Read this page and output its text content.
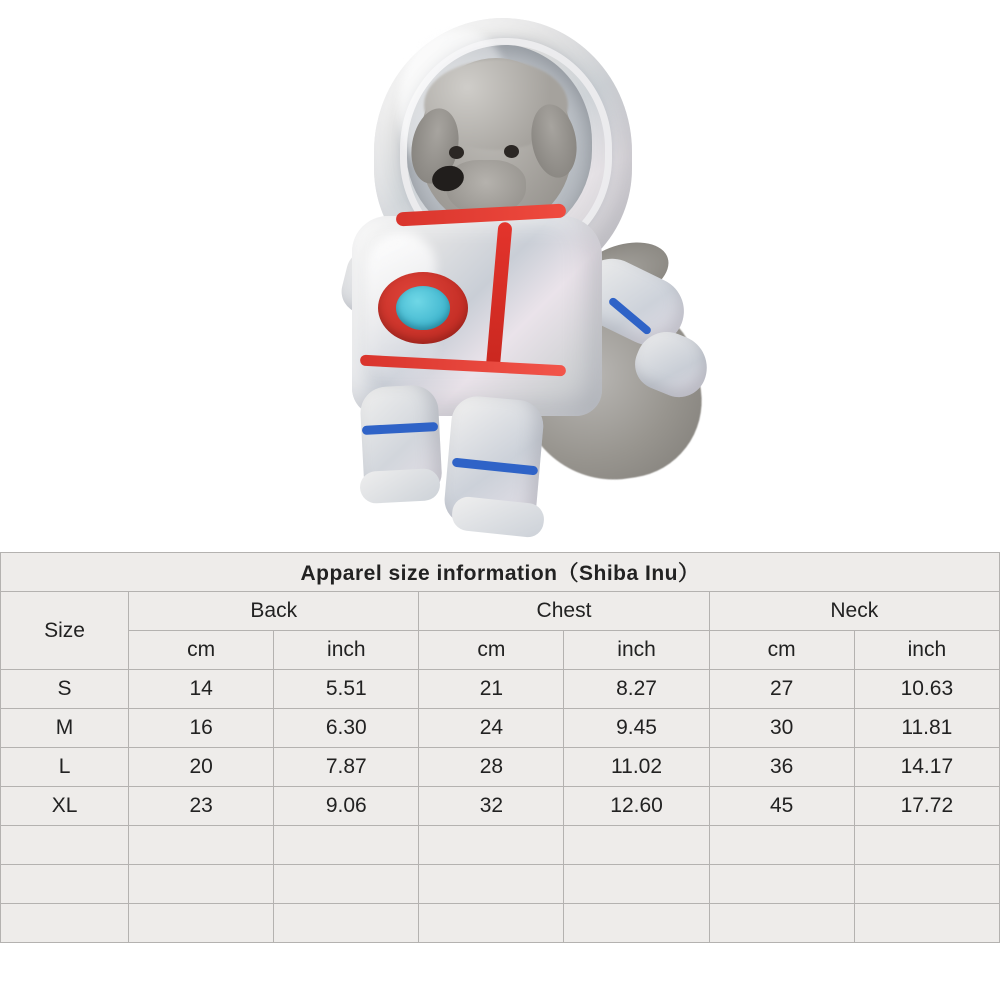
Apparel size information（Shiba Inu）						
Size	Back		Chest		Neck	
	cm	inch	cm	inch	cm	inch
S	14	5.51	21	8.27	27	10.63
M	16	6.30	24	9.45	30	11.81
L	20	7.87	28	11.02	36	14.17
XL	23	9.06	32	12.60	45	17.72
